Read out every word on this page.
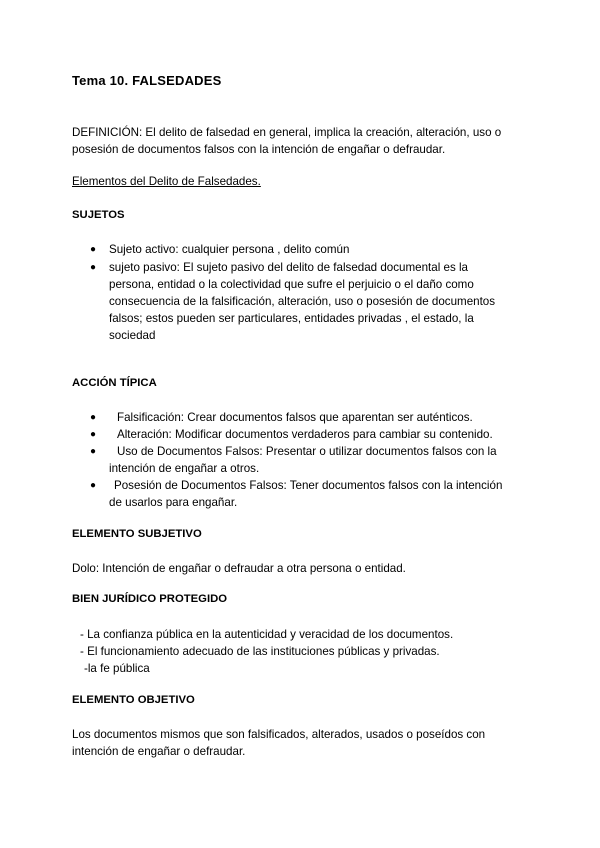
Tema 10. FALSEDADES
DEFINICIÓN: El delito de falsedad en general, implica la creación, alteración, uso o
posesión de documentos falsos con la intención de engañar o defraudar.
Elementos del Delito de Falsedades.
SUJETOS
● Sujeto activo: cualquier persona , delito común
● sujeto pasivo: El sujeto pasivo del delito de falsedad documental es la
persona, entidad o la colectividad que sufre el perjuicio o el daño como
consecuencia de la falsificación, alteración, uso o posesión de documentos
falsos; estos pueden ser particulares, entidades privadas , el estado, la
sociedad
ACCIÓN TÍPICA
● Falsificación: Crear documentos falsos que aparentan ser auténticos.
● Alteración: Modificar documentos verdaderos para cambiar su contenido.
●	Uso de Documentos Falsos: Presentar o utilizar documentos falsos con la
intención de engañar a otros.
●	Posesión de Documentos Falsos: Tener documentos falsos con la intención
de usarlos para engañar.
ELEMENTO SUBJETIVO
Dolo: Intención de engañar o defraudar a otra persona o entidad.
BIEN JURÍDICO PROTEGIDO
- La confianza pública en la autenticidad y veracidad de los documentos.
- El funcionamiento adecuado de las instituciones públicas y privadas.
-la fe pública
ELEMENTO OBJETIVO
Los documentos mismos que son falsificados, alterados, usados o poseídos con
intención de engañar o defraudar.
